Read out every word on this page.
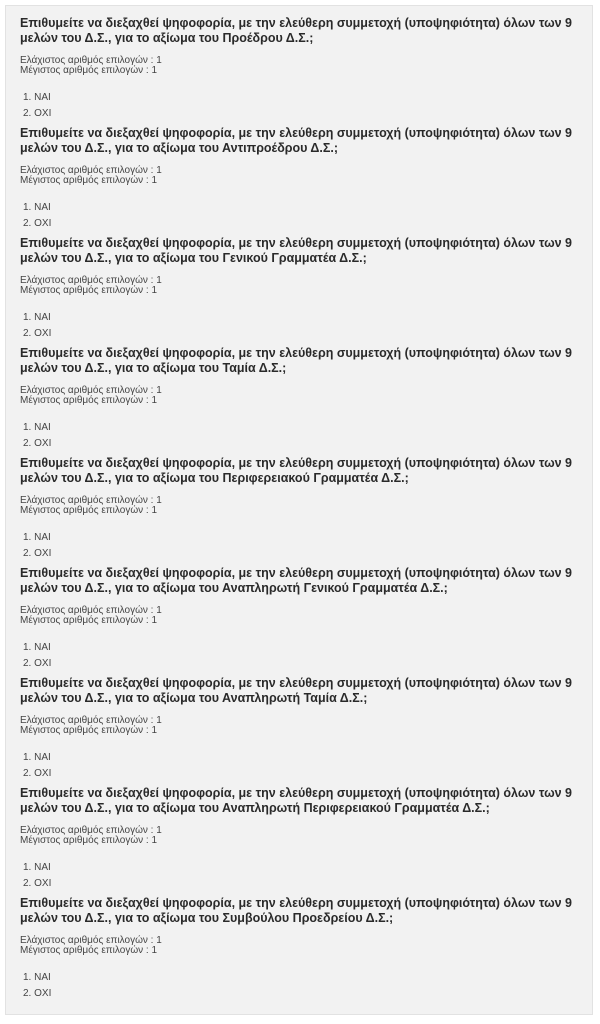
Επιθυμείτε να διεξαχθεί ψηφοφορία, με την ελεύθερη συμμετοχή (υποψηφιότητα) όλων των 9 μελών του Δ.Σ., για το αξίωμα του Προέδρου Δ.Σ.;

Ελάχιστος αριθμός επιλογών : 1
Μέγιστος αριθμός επιλογών : 1
1. ΝΑΙ
2. ΟΧΙ

Επιθυμείτε να διεξαχθεί ψηφοφορία, με την ελεύθερη συμμετοχή (υποψηφιότητα) όλων των 9 μελών του Δ.Σ., για το αξίωμα του Αντιπροέδρου Δ.Σ.;

Ελάχιστος αριθμός επιλογών : 1
Μέγιστος αριθμός επιλογών : 1
1. ΝΑΙ
2. ΟΧΙ

Επιθυμείτε να διεξαχθεί ψηφοφορία, με την ελεύθερη συμμετοχή (υποψηφιότητα) όλων των 9 μελών του Δ.Σ., για το αξίωμα του Γενικού Γραμματέα Δ.Σ.;

Ελάχιστος αριθμός επιλογών : 1
Μέγιστος αριθμός επιλογών : 1
1. ΝΑΙ
2. ΟΧΙ

Επιθυμείτε να διεξαχθεί ψηφοφορία, με την ελεύθερη συμμετοχή (υποψηφιότητα) όλων των 9 μελών του Δ.Σ., για το αξίωμα του Ταμία Δ.Σ.;

Ελάχιστος αριθμός επιλογών : 1
Μέγιστος αριθμός επιλογών : 1
1. ΝΑΙ
2. ΟΧΙ

Επιθυμείτε να διεξαχθεί ψηφοφορία, με την ελεύθερη συμμετοχή (υποψηφιότητα) όλων των 9 μελών του Δ.Σ., για το αξίωμα του Περιφερειακού Γραμματέα Δ.Σ.;

Ελάχιστος αριθμός επιλογών : 1
Μέγιστος αριθμός επιλογών : 1
1. ΝΑΙ
2. ΟΧΙ

Επιθυμείτε να διεξαχθεί ψηφοφορία, με την ελεύθερη συμμετοχή (υποψηφιότητα) όλων των 9 μελών του Δ.Σ., για το αξίωμα του Αναπληρωτή Γενικού Γραμματέα Δ.Σ.;

Ελάχιστος αριθμός επιλογών : 1
Μέγιστος αριθμός επιλογών : 1
1. ΝΑΙ
2. ΟΧΙ

Επιθυμείτε να διεξαχθεί ψηφοφορία, με την ελεύθερη συμμετοχή (υποψηφιότητα) όλων των 9 μελών του Δ.Σ., για το αξίωμα του Αναπληρωτή Ταμία Δ.Σ.;

Ελάχιστος αριθμός επιλογών : 1
Μέγιστος αριθμός επιλογών : 1
1. ΝΑΙ
2. ΟΧΙ

Επιθυμείτε να διεξαχθεί ψηφοφορία, με την ελεύθερη συμμετοχή (υποψηφιότητα) όλων των 9 μελών του Δ.Σ., για το αξίωμα του Αναπληρωτή Περιφερειακού Γραμματέα Δ.Σ.;

Ελάχιστος αριθμός επιλογών : 1
Μέγιστος αριθμός επιλογών : 1
1. ΝΑΙ
2. ΟΧΙ

Επιθυμείτε να διεξαχθεί ψηφοφορία, με την ελεύθερη συμμετοχή (υποψηφιότητα) όλων των 9 μελών του Δ.Σ., για το αξίωμα του Συμβούλου Προεδρείου Δ.Σ.;

Ελάχιστος αριθμός επιλογών : 1
Μέγιστος αριθμός επιλογών : 1
1. ΝΑΙ
2. ΟΧΙ
